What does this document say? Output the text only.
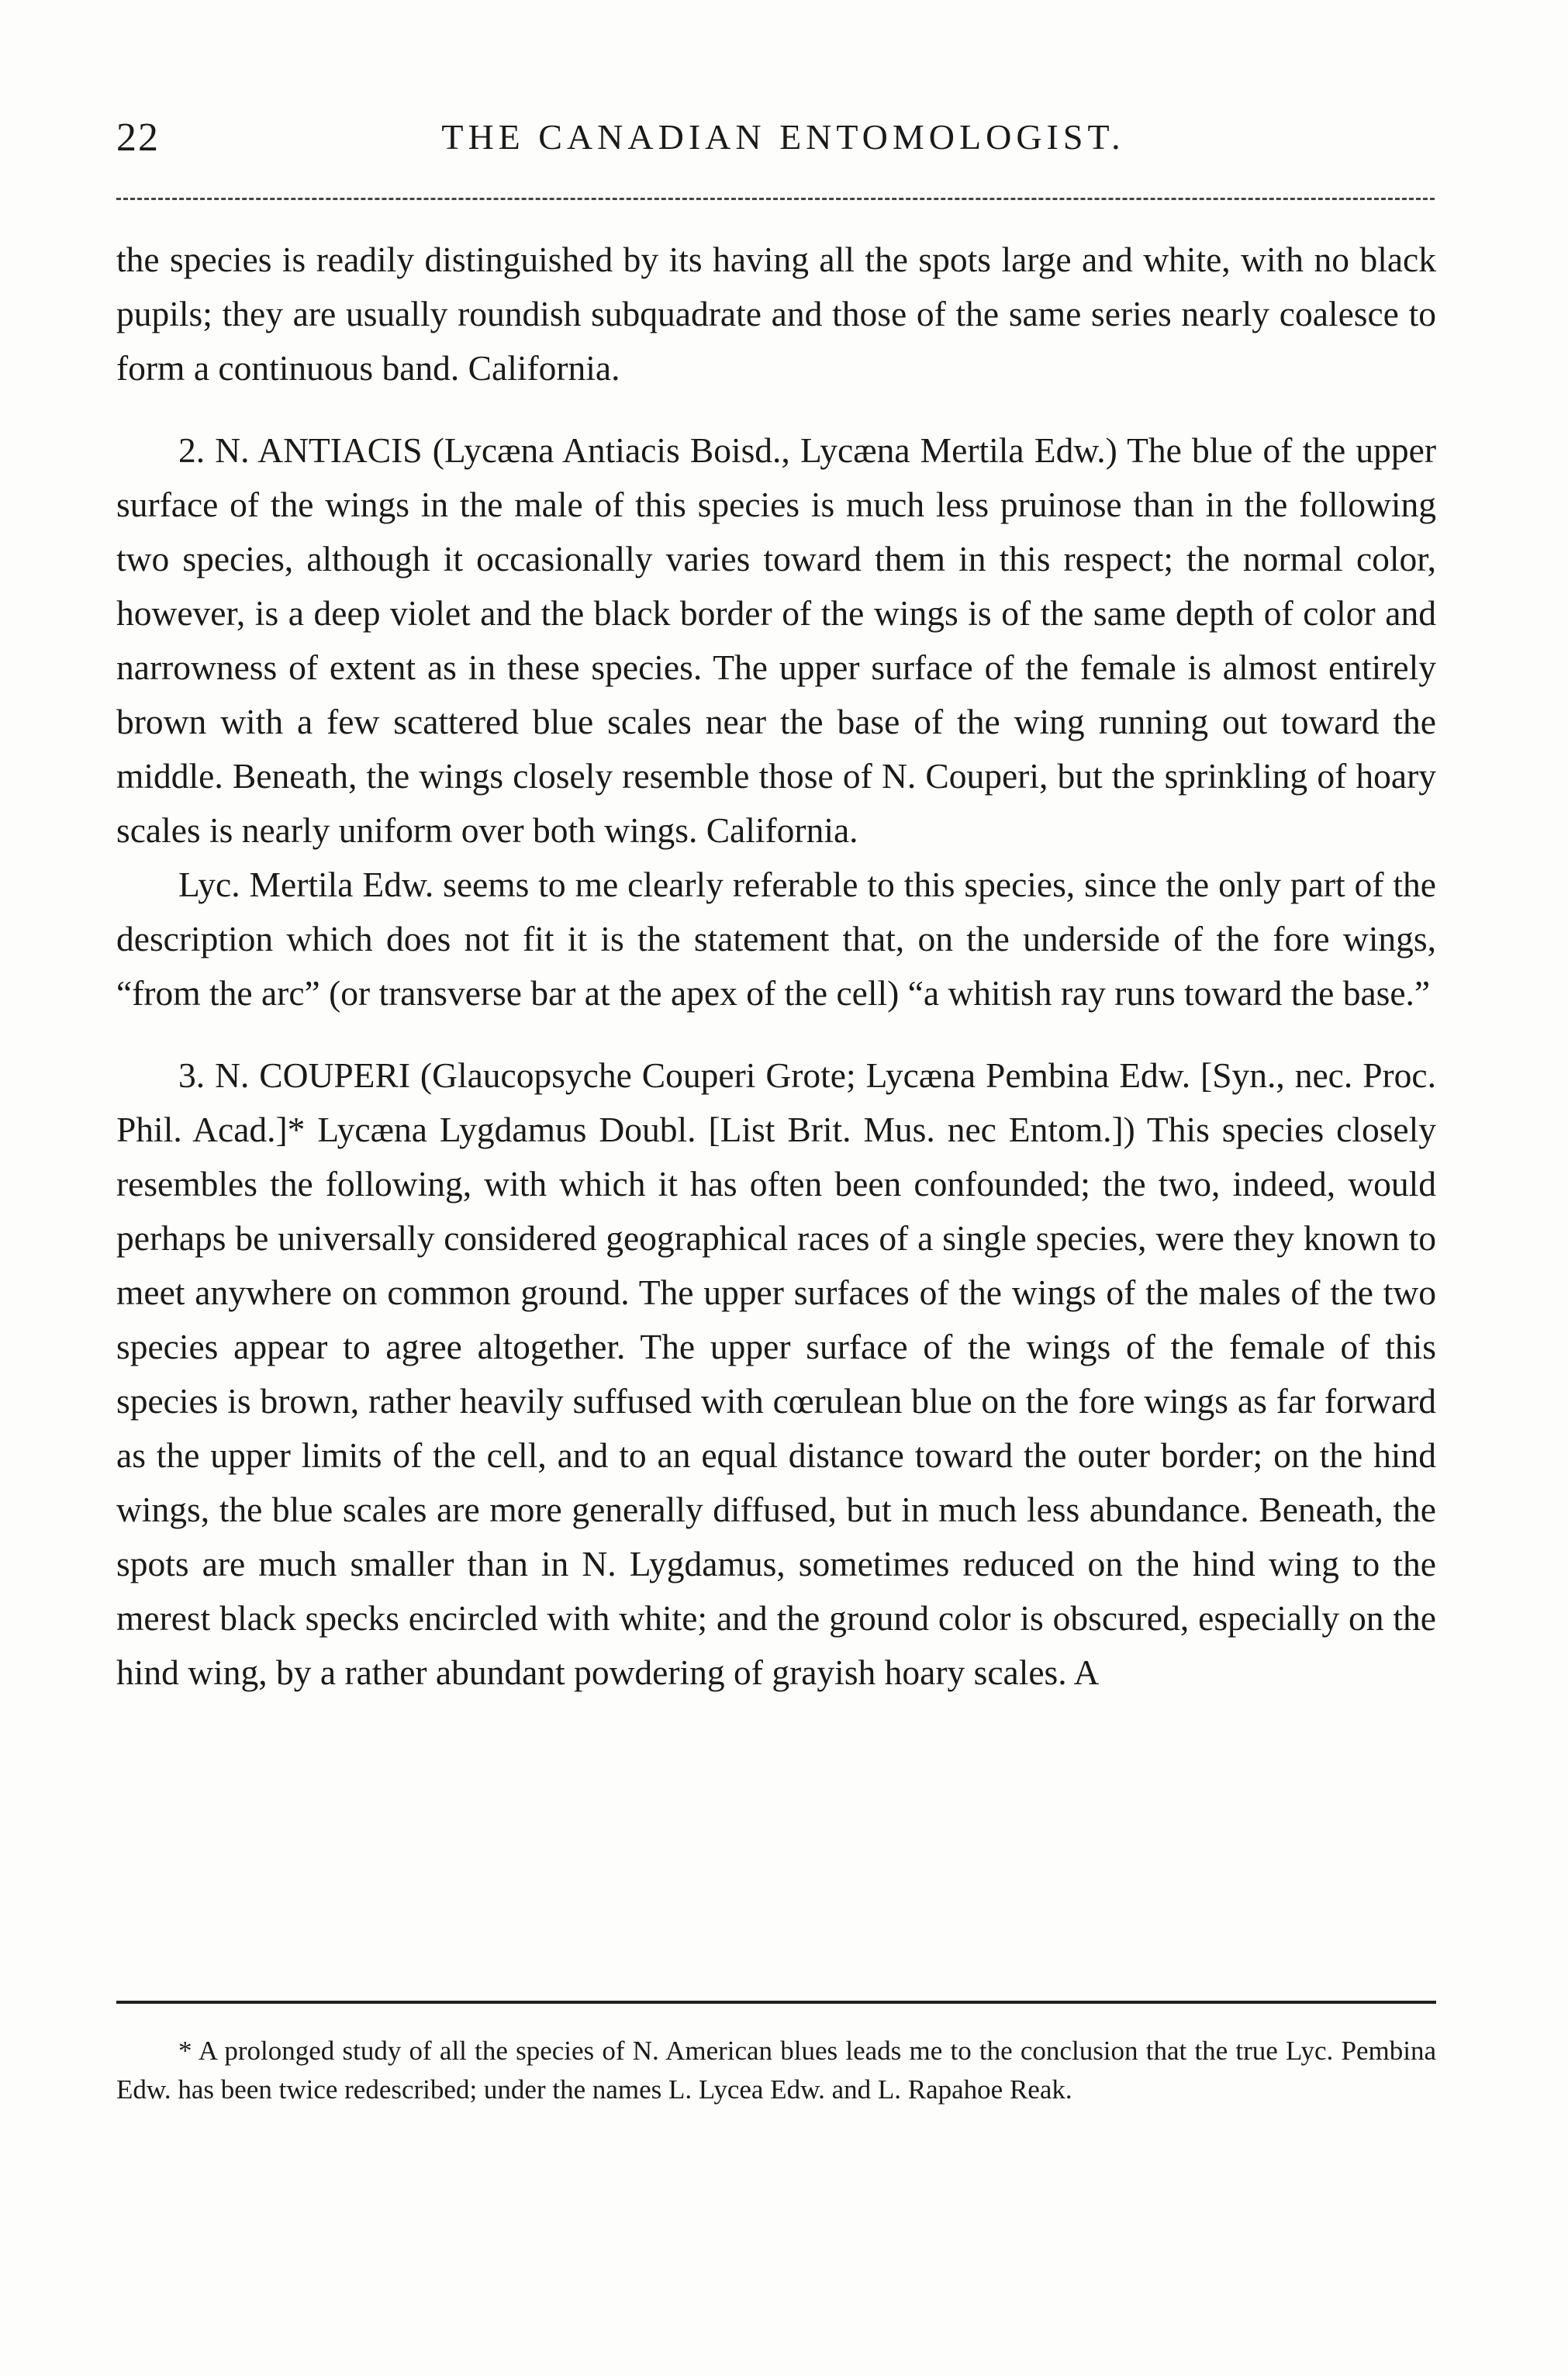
22	THE CANADIAN ENTOMOLOGIST.

the species is readily distinguished by its having all the spots large and white, with no black pupils; they are usually roundish subquadrate and those of the same series nearly coalesce to form a continuous band. California.

2. N. ANTIACIS (Lycæna Antiacis Boisd., Lycæna Mertila Edw.) The blue of the upper surface of the wings in the male of this species is much less pruinose than in the following two species, although it occasionally varies toward them in this respect; the normal color, however, is a deep violet and the black border of the wings is of the same depth of color and narrowness of extent as in these species. The upper surface of the female is almost entirely brown with a few scattered blue scales near the base of the wing running out toward the middle. Beneath, the wings closely resemble those of N. Couperi, but the sprinkling of hoary scales is nearly uniform over both wings. California.

Lyc. Mertila Edw. seems to me clearly referable to this species, since the only part of the description which does not fit it is the statement that, on the underside of the fore wings, “from the arc” (or transverse bar at the apex of the cell) “a whitish ray runs toward the base.”

3. N. COUPERI (Glaucopsyche Couperi Grote; Lycæna Pembina Edw. [Syn., nec. Proc. Phil. Acad.]* Lycæna Lygdamus Doubl. [List Brit. Mus. nec Entom.]) This species closely resembles the following, with which it has often been confounded; the two, indeed, would perhaps be universally considered geographical races of a single species, were they known to meet anywhere on common ground. The upper surfaces of the wings of the males of the two species appear to agree altogether. The upper surface of the wings of the female of this species is brown, rather heavily suffused with cœrulean blue on the fore wings as far forward as the upper limits of the cell, and to an equal distance toward the outer border; on the hind wings, the blue scales are more generally diffused, but in much less abundance. Beneath, the spots are much smaller than in N. Lygdamus, sometimes reduced on the hind wing to the merest black specks encircled with white; and the ground color is obscured, especially on the hind wing, by a rather abundant powdering of grayish hoary scales. A

* A prolonged study of all the species of N. American blues leads me to the conclusion that the true Lyc. Pembina Edw. has been twice redescribed; under the names L. Lycea Edw. and L. Rapahoe Reak.
